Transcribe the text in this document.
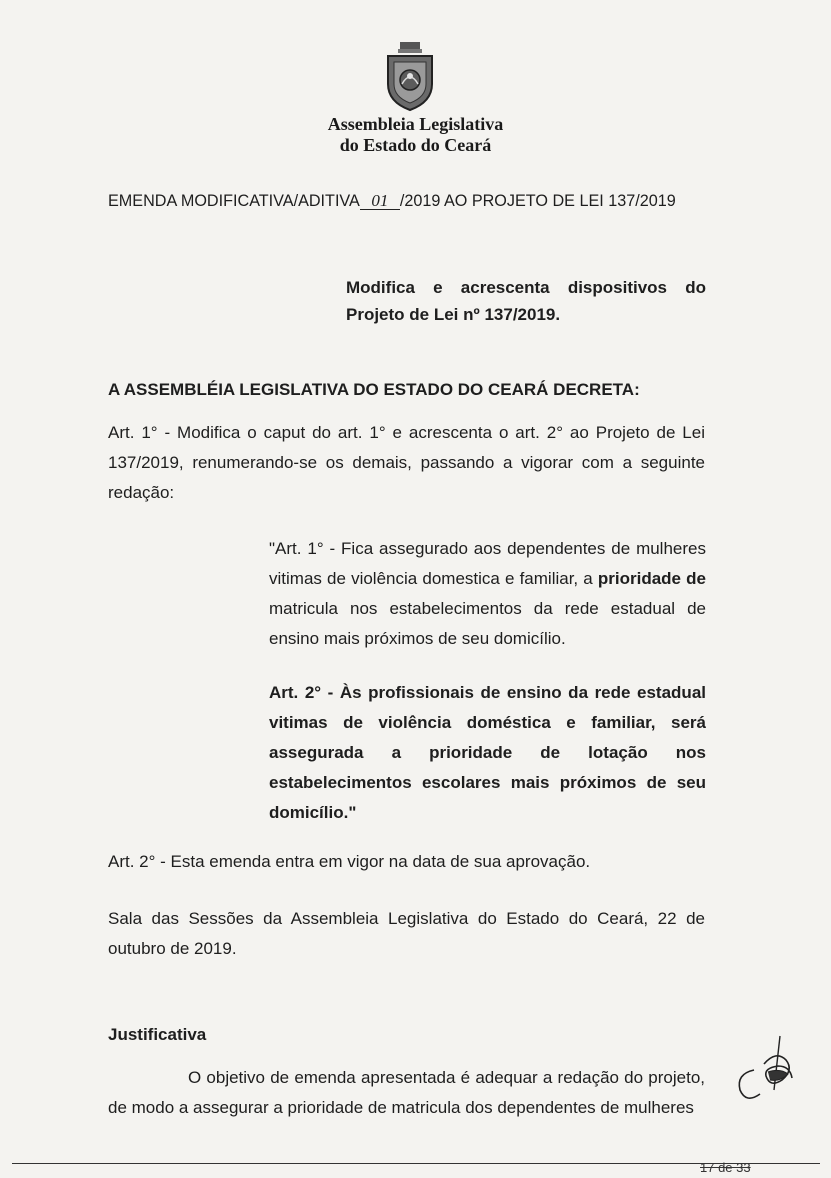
Assembleia Legislativa
do Estado do Ceará
EMENDA MODIFICATIVA/ADITIVA 01 /2019 AO PROJETO DE LEI 137/2019
Modifica e acrescenta dispositivos do
Projeto de Lei nº 137/2019.
A ASSEMBLÉIA LEGISLATIVA DO ESTADO DO CEARÁ DECRETA:
Art. 1° - Modifica o caput do art. 1° e acrescenta o art. 2° ao Projeto de Lei 137/2019, renumerando-se os demais, passando a vigorar com a seguinte redação:
"Art. 1° - Fica assegurado aos dependentes de mulheres vitimas de violência domestica e familiar, a prioridade de matricula nos estabelecimentos da rede estadual de ensino mais próximos de seu domicílio.
Art. 2° - Às profissionais de ensino da rede estadual vitimas de violência doméstica e familiar, será assegurada a prioridade de lotação nos estabelecimentos escolares mais próximos de seu domicílio."
Art. 2° - Esta emenda entra em vigor na data de sua aprovação.
Sala das Sessões da Assembleia Legislativa do Estado do Ceará, 22 de outubro de 2019.
Justificativa
O objetivo de emenda apresentada é adequar a redação do projeto, de modo a assegurar a prioridade de matricula dos dependentes de mulheres
17 de 33
